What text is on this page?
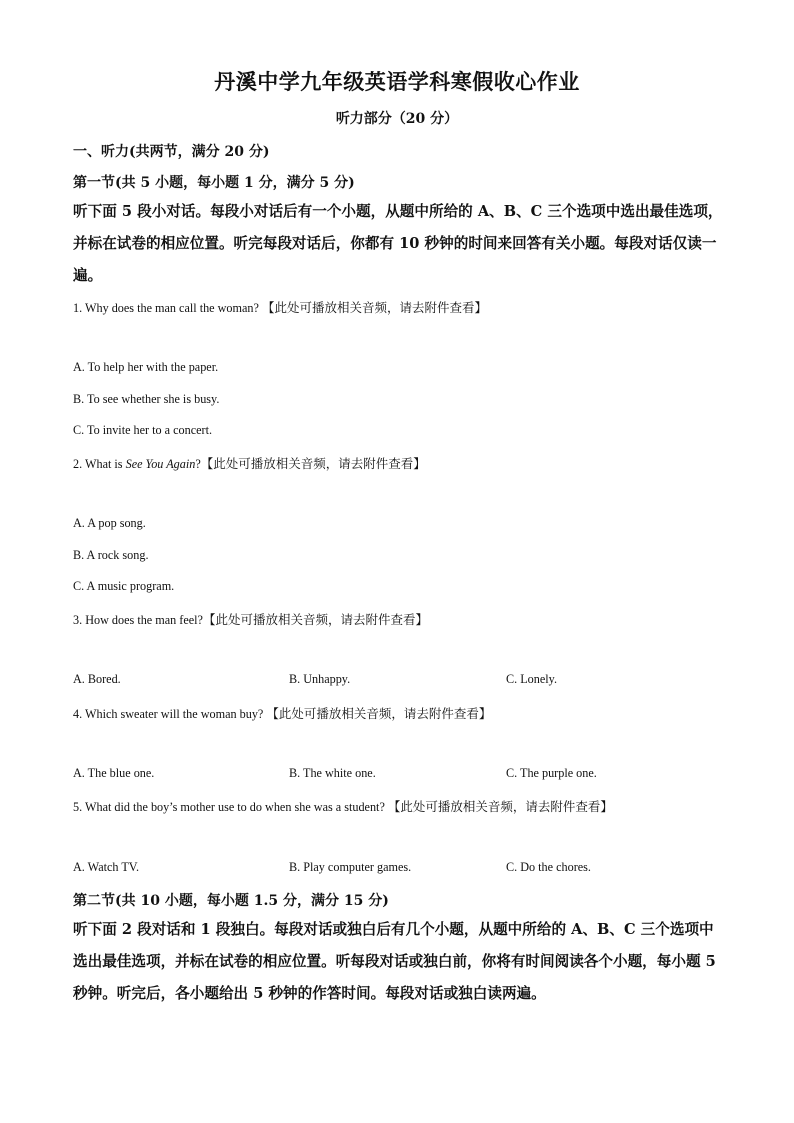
丹溪中学九年级英语学科寒假收心作业
听力部分（20 分）
一、听力(共两节，满分 20 分)
第一节(共 5 小题，每小题 1 分，满分 5 分)
听下面 5 段小对话。每段小对话后有一个小题，从题中所给的 A、B、C 三个选项中选出最佳选项，并标在试卷的相应位置。听完每段对话后，你都有 10 秒钟的时间来回答有关小题。每段对话仅读一遍。
1. Why does the man call the woman? 【此处可播放相关音频，请去附件查看】
A. To help her with the paper.
B. To see whether she is busy.
C. To invite her to a concert.
2. What is See You Again?【此处可播放相关音频，请去附件查看】
A. A pop song.
B. A rock song.
C. A music program.
3. How does the man feel?【此处可播放相关音频，请去附件查看】
A. Bored.	B. Unhappy.	C. Lonely.
4. Which sweater will the woman buy? 【此处可播放相关音频，请去附件查看】
A. The blue one.	B. The white one.	C. The purple one.
5. What did the boy’s mother use to do when she was a student? 【此处可播放相关音频，请去附件查看】
A. Watch TV.	B. Play computer games.	C. Do the chores.
第二节(共 10 小题，每小题 1.5 分，满分 15 分)
听下面 2 段对话和 1 段独白。每段对话或独白后有几个小题，从题中所给的 A、B、C 三个选项中选出最佳选项，并标在试卷的相应位置。听每段对话或独白前，你将有时间阅读各个小题，每小题 5 秒钟。听完后，各小题给出 5 秒钟的作答时间。每段对话或独白读两遍。
